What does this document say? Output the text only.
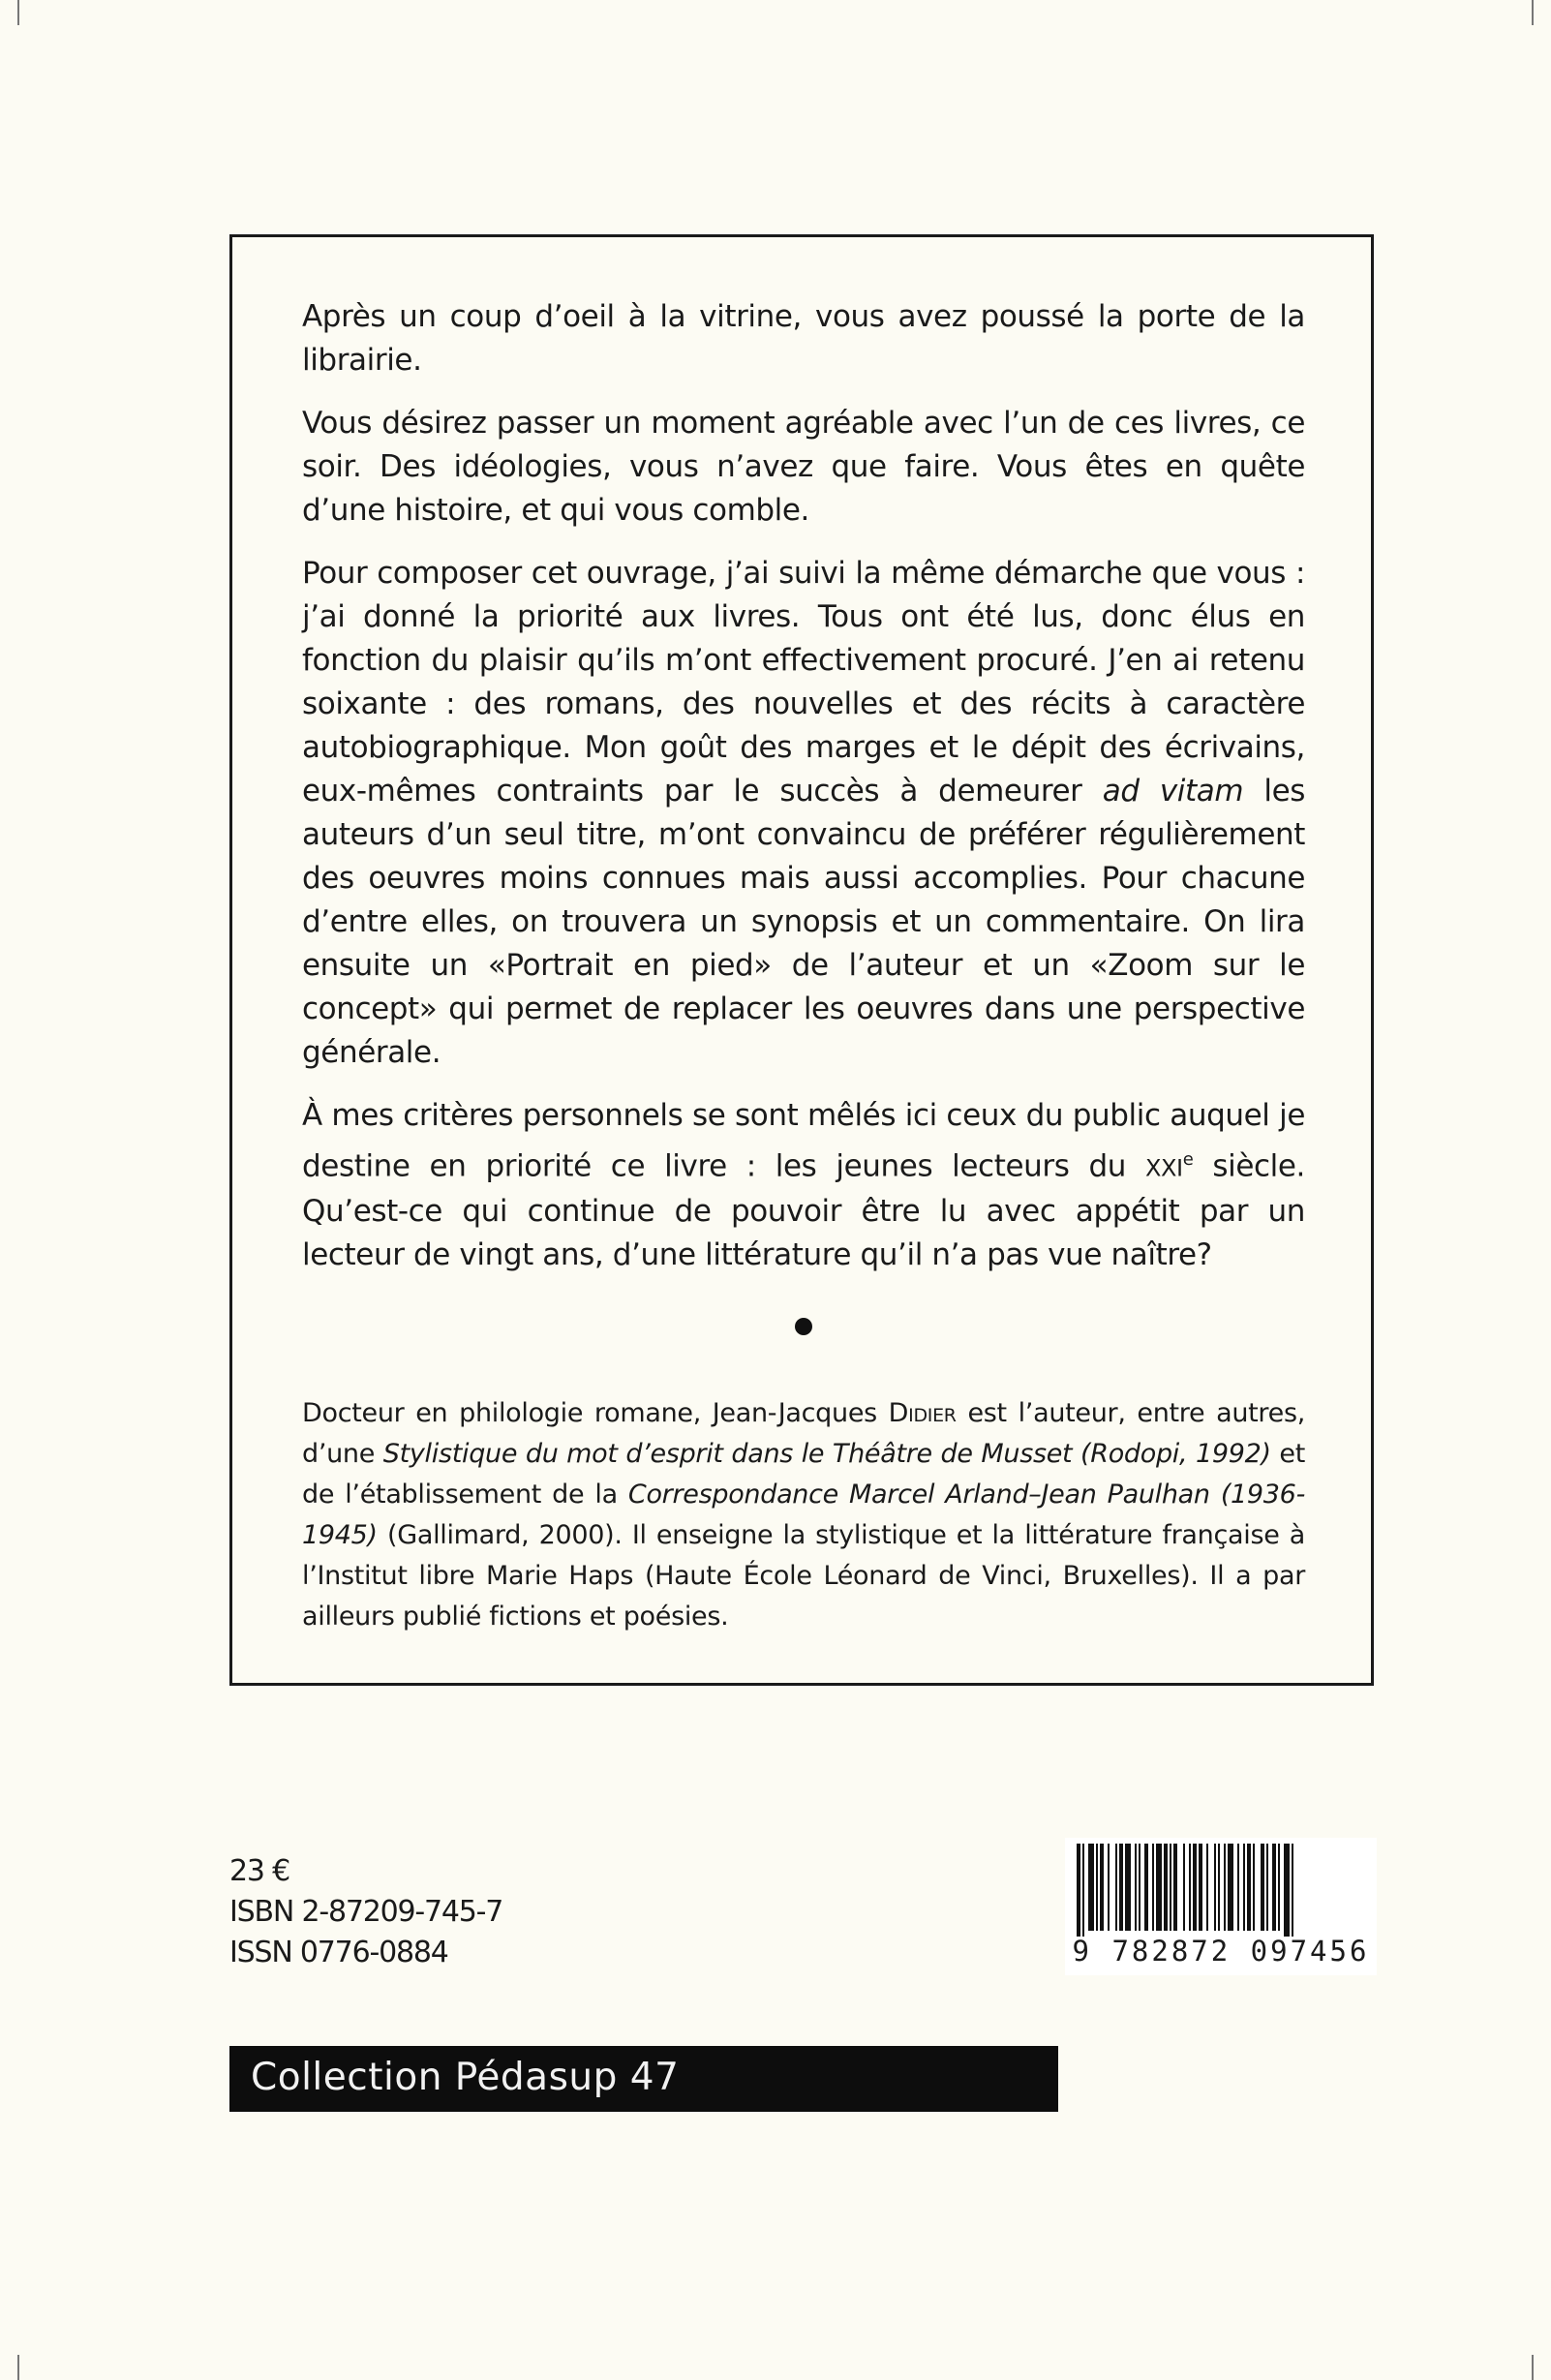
Après un coup d’oeil à la vitrine, vous avez poussé la porte de la librairie.

Vous désirez passer un moment agréable avec l’un de ces livres, ce soir. Des idéologies, vous n’avez que faire. Vous êtes en quête d’une histoire, et qui vous comble.

Pour composer cet ouvrage, j’ai suivi la même démarche que vous : j’ai donné la priorité aux livres. Tous ont été lus, donc élus en fonction du plaisir qu’ils m’ont effectivement procuré. J’en ai retenu soixante : des romans, des nouvelles et des récits à caractère autobiographique. Mon goût des marges et le dépit des écrivains, eux-mêmes contraints par le succès à demeurer ad vitam les auteurs d’un seul titre, m’ont convaincu de préférer régulièrement des oeuvres moins connues mais aussi accomplies. Pour chacune d’entre elles, on trouvera un synopsis et un commentaire. On lira ensuite un «Portrait en pied» de l’auteur et un «Zoom sur le concept» qui permet de replacer les oeuvres dans une perspective générale.

À mes critères personnels se sont mêlés ici ceux du public auquel je destine en priorité ce livre : les jeunes lecteurs du XXIe siècle. Qu’est-ce qui continue de pouvoir être lu avec appétit par un lecteur de vingt ans, d’une littérature qu’il n’a pas vue naître?

Docteur en philologie romane, Jean-Jacques Didier est l’auteur, entre autres, d’une Stylistique du mot d’esprit dans le Théâtre de Musset (Rodopi, 1992) et de l’établissement de la Correspondance Marcel Arland–Jean Paulhan (1936-1945) (Gallimard, 2000). Il enseigne la stylistique et la littérature française à l’Institut libre Marie Haps (Haute École Léonard de Vinci, Bruxelles). Il a par ailleurs publié fictions et poésies.

23 €
ISBN 2-87209-745-7
ISSN 0776-0884	9 782872 097456
Collection Pédasup 47
